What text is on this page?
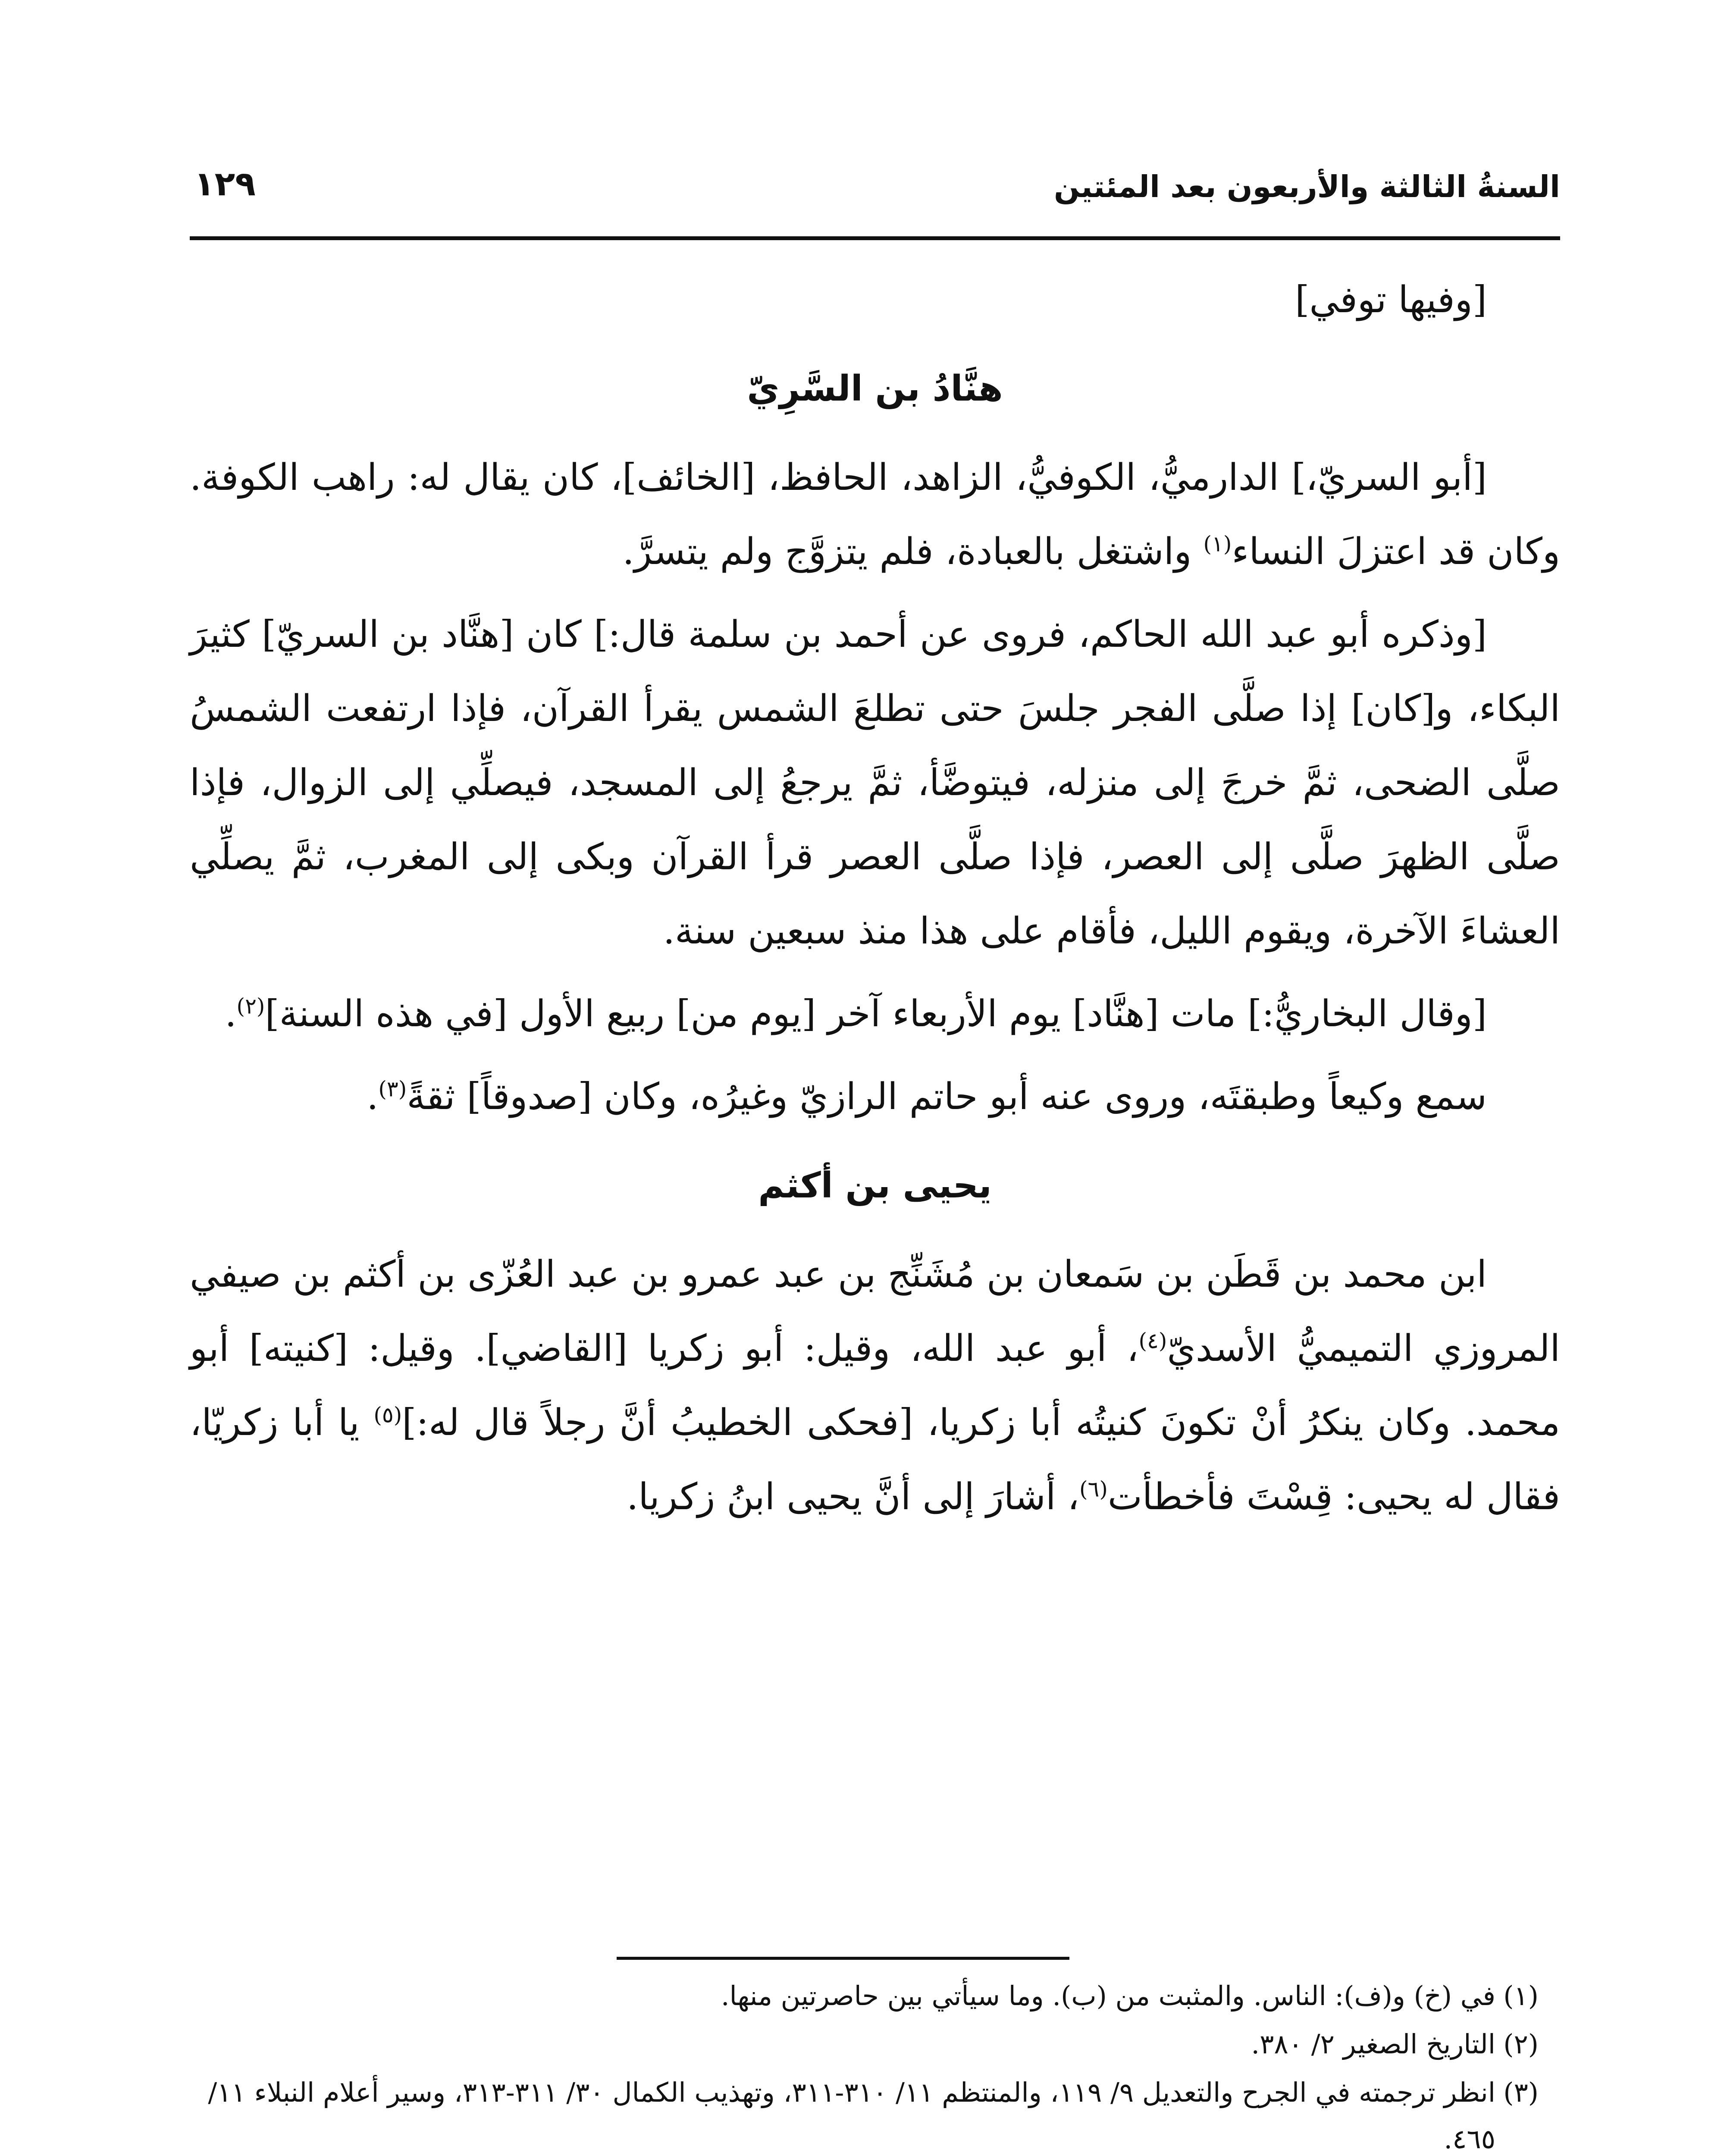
السنةُ الثالثة والأربعون بعد المئتين
١٢٩

[وفيها توفي]

هنَّادُ بن السَّرِيّ

[أبو السريّ،] الدارميُّ، الكوفيُّ، الزاهد، الحافظ، [الخائف]، كان يقال له: راهب الكوفة. وكان قد اعتزلَ النساء$^{(١)}$ واشتغل بالعبادة، فلم يتزوَّج ولم يتسرَّ.

[وذكره أبو عبد الله الحاكم، فروى عن أحمد بن سلمة قال:] كان [هنَّاد بن السريّ] كثيرَ البكاء، و[كان] إذا صلَّى الفجر جلسَ حتى تطلعَ الشمس يقرأ القرآن، فإذا ارتفعت الشمسُ صلَّى الضحى، ثمَّ خرجَ إلى منزله، فيتوضَّأ، ثمَّ يرجعُ إلى المسجد، فيصلِّي إلى الزوال، فإذا صلَّى الظهرَ صلَّى إلى العصر، فإذا صلَّى العصر قرأ القرآن وبكى إلى المغرب، ثمَّ يصلِّي العشاءَ الآخرة، ويقوم الليل، فأقام على هذا منذ سبعين سنة.

[وقال البخاريُّ:] مات [هنَّاد] يوم الأربعاء آخر [يوم من] ربيع الأول [في هذه السنة]$^{(٢)}$.

سمع وكيعاً وطبقتَه، وروى عنه أبو حاتم الرازيّ وغيرُه، وكان [صدوقاً] ثقةً$^{(٣)}$.

يحيى بن أكثم

ابن محمد بن قَطَن بن سَمعان بن مُشَنِّج بن عبد عمرو بن عبد العُزّى بن أكثم بن صيفي المروزي التميميُّ الأسديّ$^{(٤)}$، أبو عبد الله، وقيل: أبو زكريا [القاضي]. وقيل: [كنيته] أبو محمد. وكان ينكرُ أنْ تكونَ كنيتُه أبا زكريا، [فحكى الخطيبُ أنَّ رجلاً قال له:]$^{(٥)}$ يا أبا زكريّا، فقال له يحيى: قِسْتَ فأخطأت$^{(٦)}$، أشارَ إلى أنَّ يحيى ابنُ زكريا.

(١)في (خ) و(ف): الناس. والمثبت من (ب). وما سيأتي بين حاصرتين منها.
(٢)التاريخ الصغير ٢/ ٣٨٠.
(٣)انظر ترجمته في الجرح والتعديل ٩/ ١١٩، والمنتظم ١١/ ٣١٠-٣١١، وتهذيب الكمال ٣٠/ ٣١١-٣١٣، وسير أعلام النبلاء ١١/ ٤٦٥.
